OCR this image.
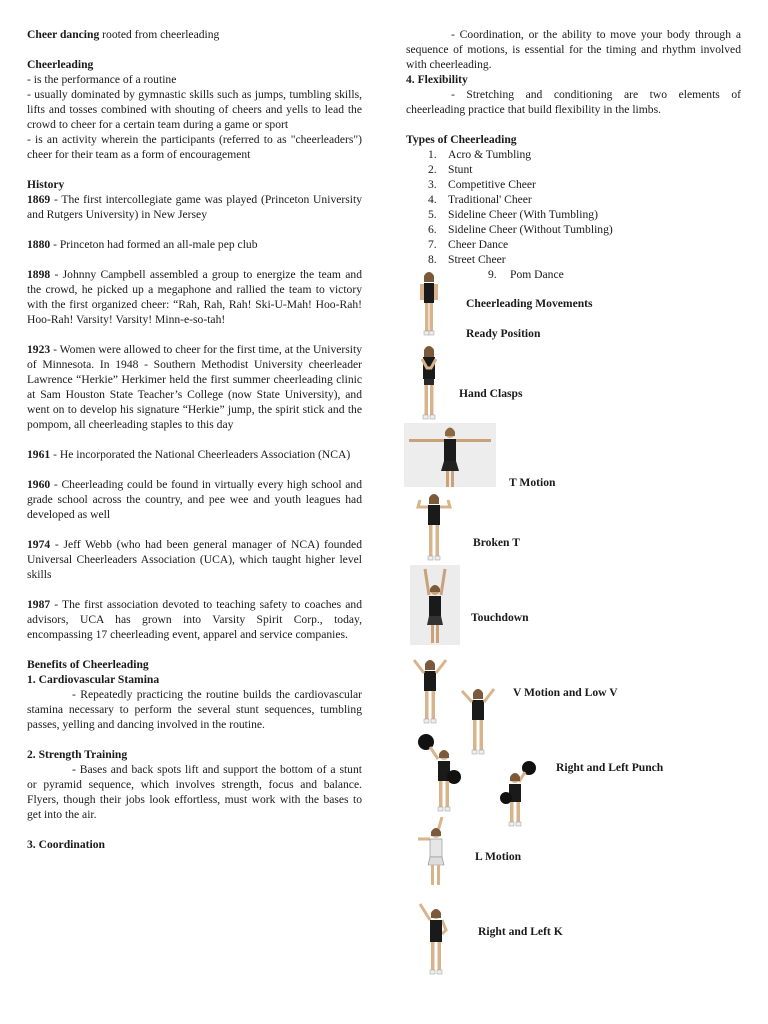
Cheer dancing rooted from cheerleading

Cheerleading

- is the performance of a routine

- usually dominated by gymnastic skills such as jumps, tumbling skills, lifts and tosses combined with shouting of cheers and yells to lead the crowd to cheer for a certain team during a game or sport

- is an activity wherein the participants (referred to as "cheerleaders") cheer for their team as a form of encouragement

History

1869 - The first intercollegiate game was played (Princeton University and Rutgers University) in New Jersey

1880 - Princeton had formed an all-male pep club

1898 - Johnny Campbell assembled a group to energize the team and the crowd, he picked up a megaphone and rallied the team to victory with the first organized cheer: “Rah, Rah, Rah! Ski-U-Mah! Hoo-Rah! Hoo-Rah! Varsity! Varsity! Minn-e-so-tah!

1923 - Women were allowed to cheer for the first time, at the University of Minnesota. In 1948 - Southern Methodist University cheerleader Lawrence “Herkie” Herkimer held the first summer cheerleading clinic at Sam Houston State Teacher’s College (now State University), and went on to develop his signature “Herkie” jump, the spirit stick and the pompom, all cheerleading staples to this day

1961 - He incorporated the National Cheerleaders Association (NCA)

1960 - Cheerleading could be found in virtually every high school and grade school across the country, and pee wee and youth leagues had developed as well

1974 - Jeff Webb (who had been general manager of NCA) founded Universal Cheerleaders Association (UCA), which taught higher level skills

1987 - The first association devoted to teaching safety to coaches and advisors, UCA has grown into Varsity Spirit Corp., today, encompassing 17 cheerleading event, apparel and service companies.

Benefits of Cheerleading

1. Cardiovascular Stamina

- Repeatedly practicing the routine builds the cardiovascular stamina necessary to perform the several stunt sequences, tumbling passes, yelling and dancing involved in the routine.

2. Strength Training

- Bases and back spots lift and support the bottom of a stunt or pyramid sequence, which involves strength, focus and balance. Flyers, though their jobs look effortless, must work with the bases to get into the air.

3. Coordination

- Coordination, or the ability to move your body through a sequence of motions, is essential for the timing and rhythm involved with cheerleading.

4. Flexibility

- Stretching and conditioning are two elements of cheerleading practice that build flexibility in the limbs.

Types of Cheerleading

1. Acro & Tumbling
2. Stunt
3. Competitive Cheer
4. Traditional' Cheer
5. Sideline Cheer (With Tumbling)
6. Sideline Cheer (Without Tumbling)
7. Cheer Dance
8. Street Cheer
9. Pom Dance
Cheerleading Movements
Ready Position
Hand Clasps
T Motion
Broken T
Touchdown
V Motion and Low V
Right and Left Punch
L Motion
Right and Left K
